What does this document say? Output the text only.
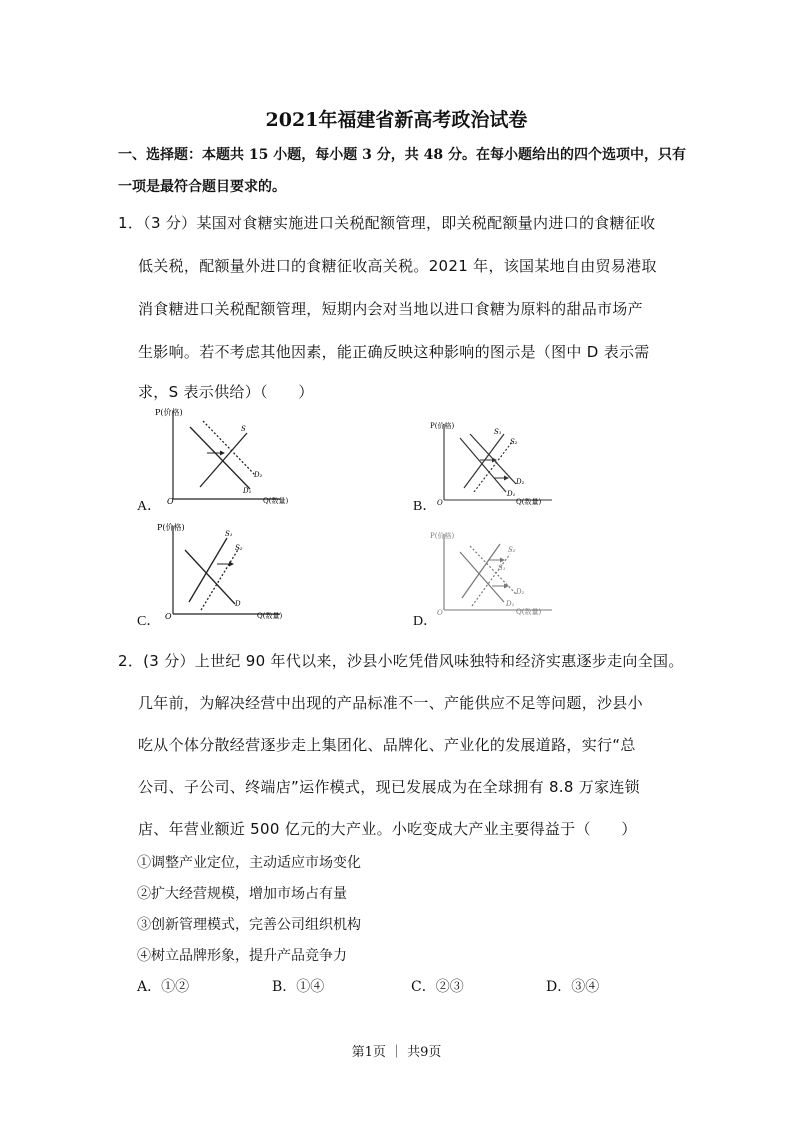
2021年福建省新高考政治试卷
一、选择题：本题共 15 小题，每小题 3 分，共 48 分。在每小题给出的四个选项中，只有
一项是最符合题目要求的。
1．（3 分）某国对食糖实施进口关税配额管理，即关税配额量内进口的食糖征收
低关税，配额量外进口的食糖征收高关税。2021 年，该国某地自由贸易港取
消食糖进口关税配额管理，短期内会对当地以进口食糖为原料的甜品市场产
生影响。若不考虑其他因素，能正确反映这种影响的图示是（图中 D 表示需
求，S 表示供给）（　　）
A．
P(价格)
Q(数量)
O
S
D₂
D₁
B．
P(价格)
Q(数量)
O
S₁
S₂
D₂
D₁
C．
P(价格)
Q(数量)
O
S₁
S₂
D
D．
P(价格)
Q(数量)
O
S₂
S₁
D₂
D₁
2．(3 分）上世纪 90 年代以来，沙县小吃凭借风味独特和经济实惠逐步走向全国。
几年前，为解决经营中出现的产品标准不一、产能供应不足等问题，沙县小
吃从个体分散经营逐步走上集团化、品牌化、产业化的发展道路，实行“总
公司、子公司、终端店”运作模式，现已发展成为在全球拥有 8.8 万家连锁
店、年营业额近 500 亿元的大产业。小吃变成大产业主要得益于（　　）
①调整产业定位，主动适应市场变化
②扩大经营规模，增加市场占有量
③创新管理模式，完善公司组织机构
④树立品牌形象，提升产品竞争力
A．①②	B．①④	C．②③	D．③④
第1页 ｜ 共9页
